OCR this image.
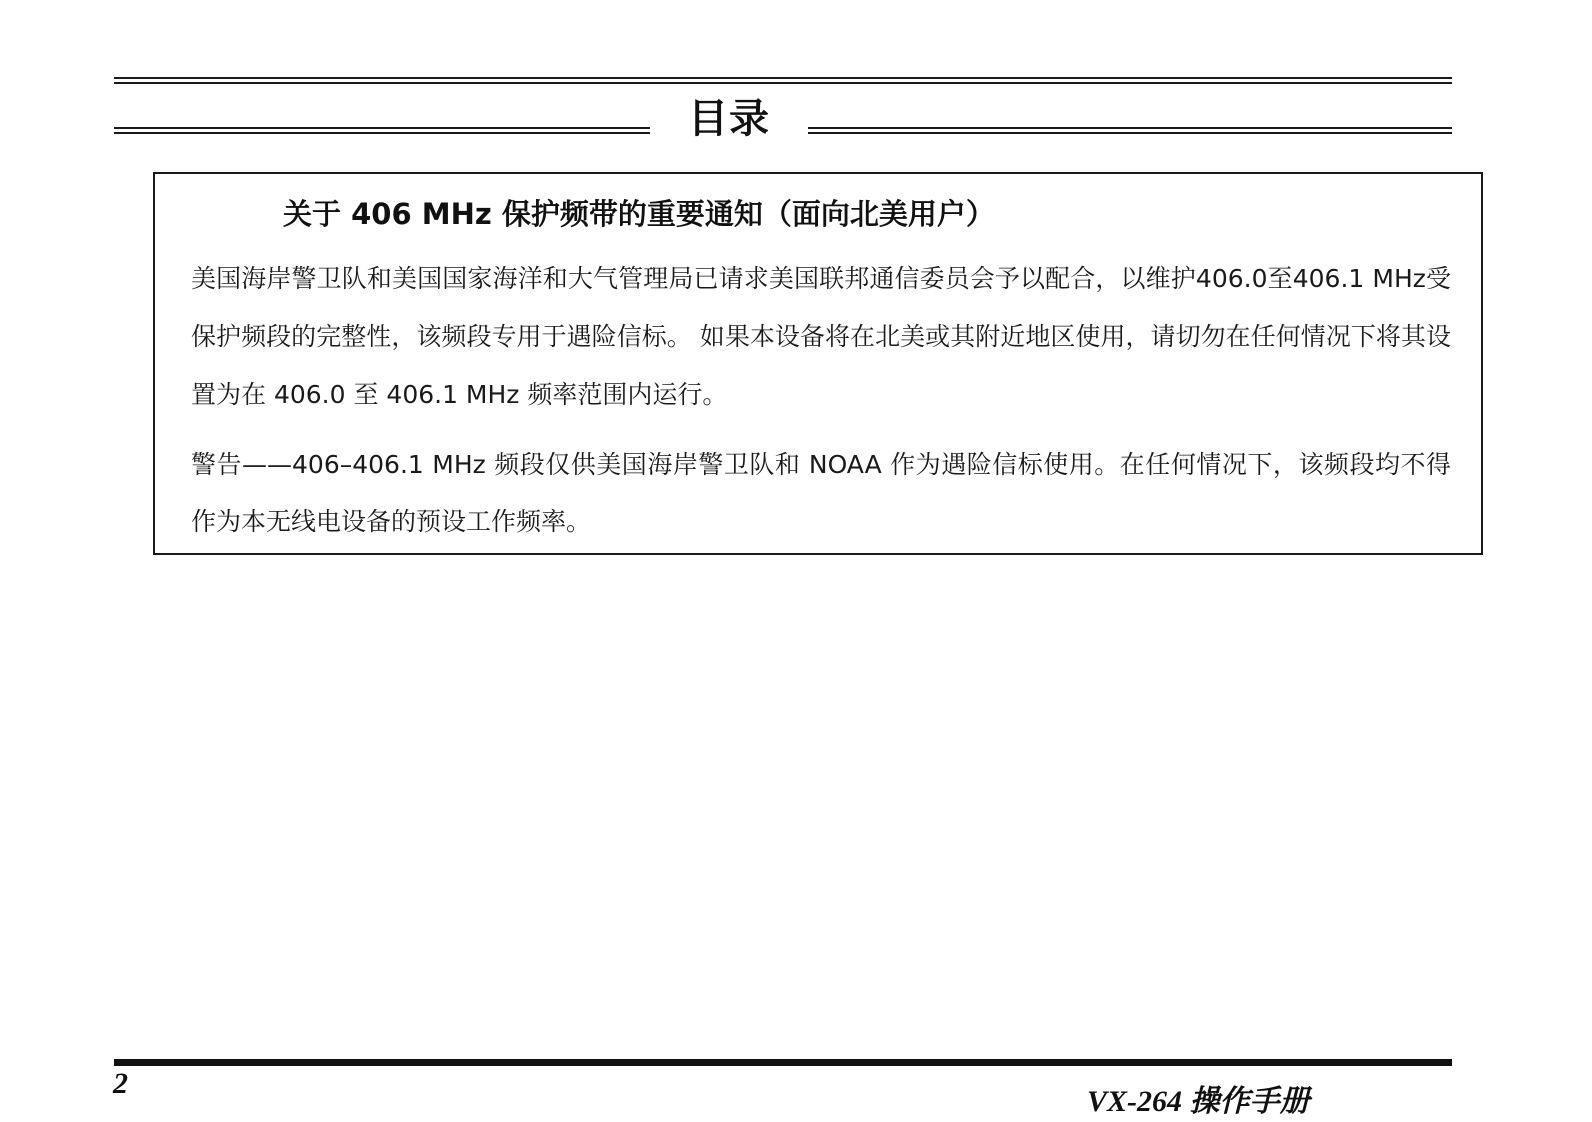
目录
关于 406 MHz 保护频带的重要通知（面向北美用户）
美国海岸警卫队和美国国家海洋和大气管理局已请求美国联邦通信委员会予以配合，以维护406.0至406.1 MHz受保护频段的完整性，该频段专用于遇险信标。 如果本设备将在北美或其附近地区使用，请切勿在任何情况下将其设置为在 406.0 至 406.1 MHz 频率范围内运行。
警告——406–406.1 MHz 频段仅供美国海岸警卫队和 NOAA 作为遇险信标使用。在任何情况下，该频段均不得作为本无线电设备的预设工作频率。
2
VX-264 操作手册
